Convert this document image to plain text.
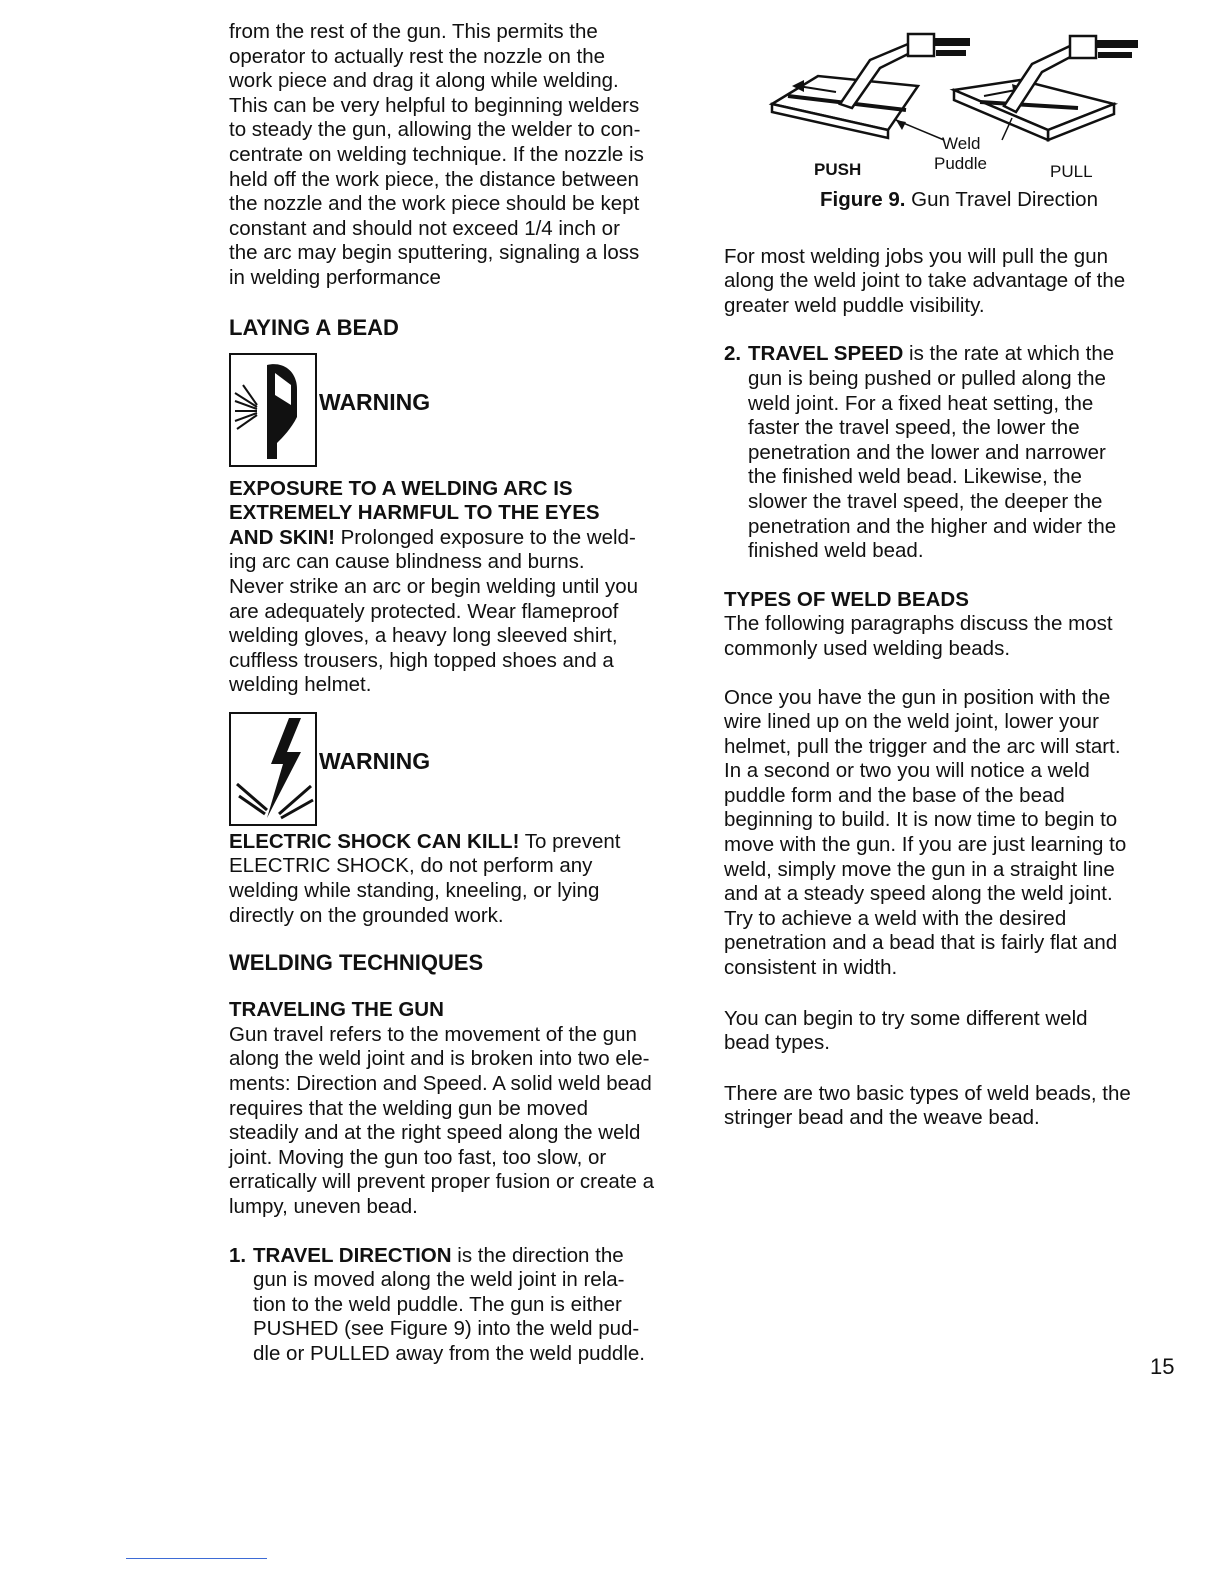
from the rest of the gun. This permits the

operator to actually rest the nozzle on the

work piece and drag it along while welding.

This can be very helpful to beginning welders

to steady the gun, allowing the welder to con-

centrate on welding technique. If the nozzle is

held off the work piece, the distance between

the nozzle and the work piece should be kept

constant and should not exceed 1/4 inch or

the arc may begin sputtering, signaling a loss

in welding performance

LAYING A BEAD
WARNING

EXPOSURE TO A WELDING ARC IS

EXTREMELY HARMFUL TO THE EYES

AND SKIN! Prolonged exposure to the weld-

ing arc can cause blindness and burns.

Never strike an arc or begin welding until you

are adequately protected. Wear flameproof

welding gloves, a heavy long sleeved shirt,

cuffless trousers, high topped shoes and a

welding helmet.

WARNING

ELECTRIC SHOCK CAN KILL! To prevent

ELECTRIC SHOCK, do not perform any

welding while standing, kneeling, or lying

directly on the grounded work.

WELDING TECHNIQUES
TRAVELING THE GUN

Gun travel refers to the movement of the gun

along the weld joint and is broken into two ele-

ments: Direction and Speed. A solid weld bead

requires that the welding gun be moved

steadily and at the right speed along the weld

joint. Moving the gun too fast, too slow, or

erratically will prevent proper fusion or create a

lumpy, uneven bead.

1. TRAVEL DIRECTION is the direction the

gun is moved along the weld joint in rela-

tion to the weld puddle. The gun is either

PUSHED (see Figure 9) into the weld pud-

dle or PULLED away from the weld puddle.

Weld
PUSH	Puddle	PULL

Figure 9. Gun Travel Direction

For most welding jobs you will pull the gun

along the weld joint to take advantage of the

greater weld puddle visibility.

2. TRAVEL SPEED is the rate at which the

gun is being pushed or pulled along the

weld joint. For a fixed heat setting, the

faster the travel speed, the lower the

penetration and the lower and narrower

the finished weld bead. Likewise, the

slower the travel speed, the deeper the

penetration and the higher and wider the

finished weld bead.

TYPES OF WELD BEADS

The following paragraphs discuss the most

commonly used welding beads.

Once you have the gun in position with the

wire lined up on the weld joint, lower your

helmet, pull the trigger and the arc will start.

In a second or two you will notice a weld

puddle form and the base of the bead

beginning to build. It is now time to begin to

move with the gun. If you are just learning to

weld, simply move the gun in a straight line

and at a steady speed along the weld joint.

Try to achieve a weld with the desired

penetration and a bead that is fairly flat and

consistent in width.

You can begin to try some different weld

bead types.

There are two basic types of weld beads, the

stringer bead and the weave bead.

15
